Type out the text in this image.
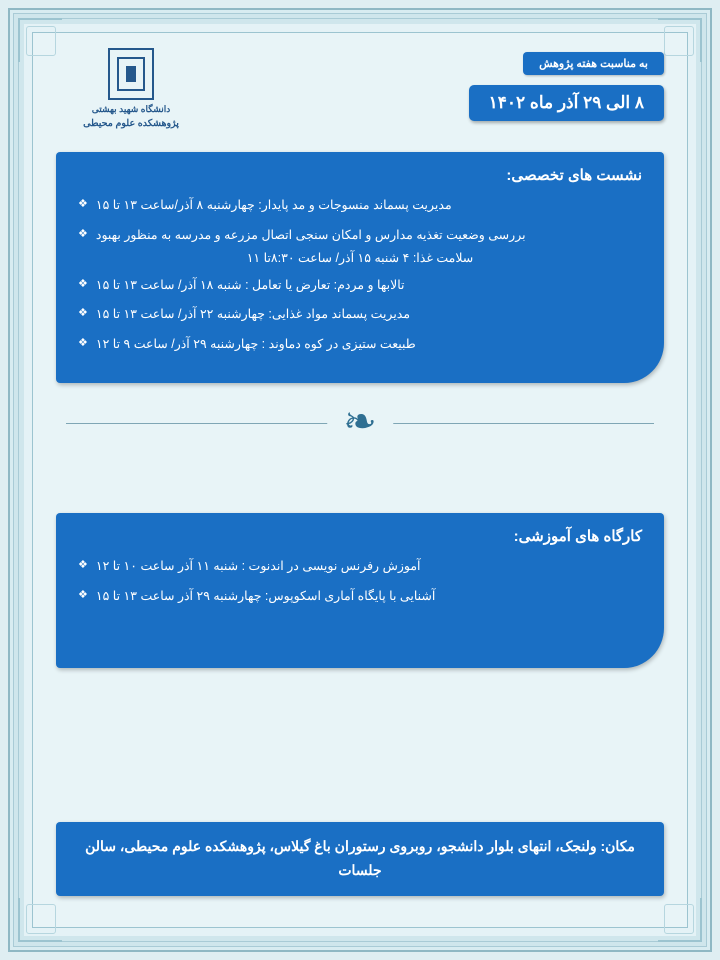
به مناسبت هفته پژوهش
۸ الی ۲۹ آذر ماه ۱۴۰۲
دانشگاه شهید بهشتی
پژوهشکده علوم محیطی
نشست های تخصصی:
مدیریت پسماند منسوجات و مد پایدار: چهارشنبه ۸ آذر/ساعت ۱۳ تا ۱۵
❖
بررسی وضعیت تغذیه مدارس و امکان سنجی اتصال مزرعه و مدرسه به منظور بهبود
❖
سلامت غذا: ۴ شنبه ۱۵ آذر/ ساعت ۸:۳۰تا ۱۱
تالابها و مردم: تعارض یا تعامل : شنبه ۱۸ آذر/ ساعت ۱۳ تا ۱۵
❖
مدیریت پسماند مواد غذایی: چهارشنبه ۲۲ آذر/ ساعت ۱۳ تا ۱۵
❖
طبیعت ستیزی در کوه دماوند : چهارشنبه ۲۹ آذر/ ساعت ۹ تا ۱۲
❖
❧
کارگاه های آموزشی:
آموزش رفرنس نویسی در اندنوت : شنبه ۱۱ آذر ساعت ۱۰ تا ۱۲
❖
آشنایی با پایگاه آماری اسکوپوس: چهارشنبه ۲۹ آذر ساعت ۱۳ تا ۱۵
❖
مکان: ولنجک، انتهای بلوار دانشجو، روبروی رستوران باغ گیلاس، پژوهشکده علوم محیطی، سالن جلسات
